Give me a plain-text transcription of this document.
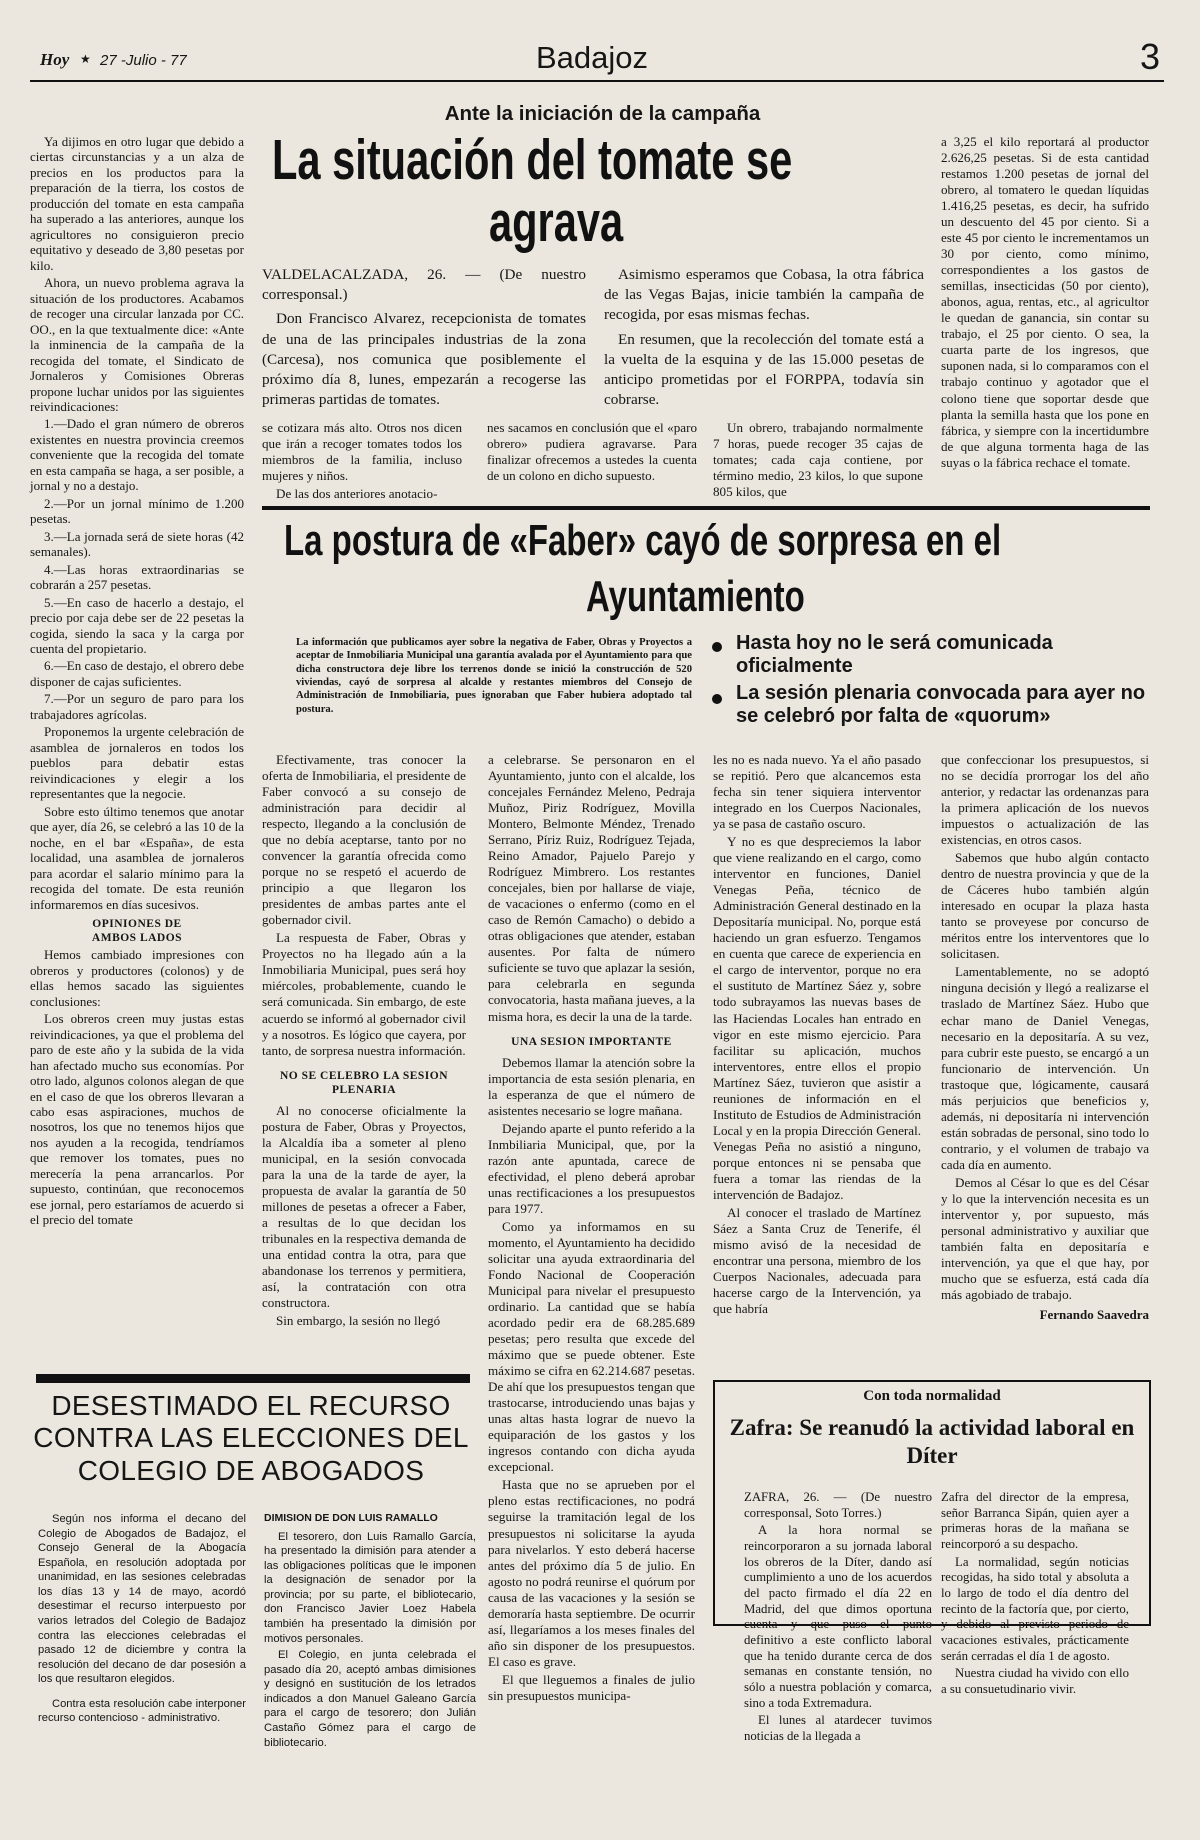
Hoy ★ 27 -Julio - 77	Badajoz	3
Ante la iniciación de la campaña
La situación del tomate se
agrava

Ya dijimos en otro lugar que debido a ciertas circunstancias y a un alza de precios en los productos para la preparación de la tierra, los costos de producción del tomate en esta campaña ha superado a las anteriores, aunque los agricultores no consiguieron precio equitativo y deseado de 3,80 pesetas por kilo.

Ahora, un nuevo problema agrava la situación de los productores. Acabamos de recoger una circular lanzada por CC. OO., en la que textualmente dice: «Ante la inminencia de la campaña de la recogida del tomate, el Sindicato de Jornaleros y Comisiones Obreras propone luchar unidos por las siguientes reivindicaciones:

1.—Dado el gran número de obreros existentes en nuestra provincia creemos conveniente que la recogida del tomate en esta campaña se haga, a ser posible, a jornal y no a destajo.

2.—Por un jornal mínimo de 1.200 pesetas.

3.—La jornada será de siete horas (42 semanales).

4.—Las horas extraordinarias se cobrarán a 257 pesetas.

5.—En caso de hacerlo a destajo, el precio por caja debe ser de 22 pesetas la cogida, siendo la saca y la carga por cuenta del propietario.

6.—En caso de destajo, el obrero debe disponer de cajas suficientes.

7.—Por un seguro de paro para los trabajadores agrícolas.

Proponemos la urgente celebración de asamblea de jornaleros en todos los pueblos para debatir estas reivindicaciones y elegir a los representantes que la negocie.

Sobre esto último tenemos que anotar que ayer, día 26, se celebró a las 10 de la noche, en el bar «España», de esta localidad, una asamblea de jornaleros para acordar el salario mínimo para la recogida del tomate. De esta reunión informaremos en días sucesivos.

OPINIONES DE
AMBOS LADOS

Hemos cambiado impresiones con obreros y productores (colonos) y de ellas hemos sacado las siguientes conclusiones:

Los obreros creen muy justas estas reivindicaciones, ya que el problema del paro de este año y la subida de la vida han afectado mucho sus economías. Por otro lado, algunos colonos alegan de que en el caso de que los obreros llevaran a cabo esas aspiraciones, muchos de nosotros, los que no tenemos hijos que nos ayuden a la recogida, tendríamos que remover los tomates, pues no merecería la pena arrancarlos. Por supuesto, continúan, que reconocemos ese jornal, pero estaríamos de acuerdo si el precio del tomate

VALDELACALZADA, 26. — (De nuestro corresponsal.)

Don Francisco Alvarez, recepcionista de tomates de una de las principales industrias de la zona (Carcesa), nos comunica que posiblemente el próximo día 8, lunes, empezarán a recogerse las primeras partidas de tomates.

Asimismo esperamos que Cobasa, la otra fábrica de las Vegas Bajas, inicie también la campaña de recogida, por esas mismas fechas.

En resumen, que la recolección del tomate está a la vuelta de la esquina y de las 15.000 pesetas de anticipo prometidas por el FORPPA, todavía sin cobrarse.

se cotizara más alto. Otros nos dicen que irán a recoger tomates todos los miembros de la familia, incluso mujeres y niños.

De las dos anteriores anotacio-

nes sacamos en conclusión que el «paro obrero» pudiera agravarse. Para finalizar ofrecemos a ustedes la cuenta de un colono en dicho supuesto.

Un obrero, trabajando normalmente 7 horas, puede recoger 35 cajas de tomates; cada caja contiene, por término medio, 23 kilos, lo que supone 805 kilos, que

a 3,25 el kilo reportará al productor 2.626,25 pesetas. Si de esta cantidad restamos 1.200 pesetas de jornal del obrero, al tomatero le quedan líquidas 1.416,25 pesetas, es decir, ha sufrido un descuento del 45 por ciento. Si a este 45 por ciento le incrementamos un 30 por ciento, como mínimo, correspondientes a los gastos de semillas, insecticidas (50 por ciento), abonos, agua, rentas, etc., al agricultor le quedan de ganancia, sin contar su trabajo, el 25 por ciento. O sea, la cuarta parte de los ingresos, que suponen nada, si lo comparamos con el trabajo continuo y agotador que el colono tiene que soportar desde que planta la semilla hasta que los pone en fábrica, y siempre con la incertidumbre de que alguna tormenta haga de las suyas o la fábrica rechace el tomate.

La postura de «Faber» cayó de sorpresa en el
Ayuntamiento
La información que publicamos ayer sobre la negativa de Faber, Obras y Proyectos a aceptar de Inmobiliaria Municipal una garantía avalada por el Ayuntamiento para que dicha constructora deje libre los terrenos donde se inició la construcción de 520 viviendas, cayó de sorpresa al alcalde y restantes miembros del Consejo de Administración de Inmobiliaria, pues ignoraban que Faber hubiera adoptado tal postura.
Hasta hoy no le será comunicada oficialmente
La sesión plenaria convocada para ayer no se celebró por falta de «quorum»

Efectivamente, tras conocer la oferta de Inmobiliaria, el presidente de Faber convocó a su consejo de administración para decidir al respecto, llegando a la conclusión de que no debía aceptarse, tanto por no convencer la garantía ofrecida como porque no se respetó el acuerdo de principio a que llegaron los presidentes de ambas partes ante el gobernador civil.

La respuesta de Faber, Obras y Proyectos no ha llegado aún a la Inmobiliaria Municipal, pues será hoy miércoles, probablemente, cuando le será comunicada. Sin embargo, de este acuerdo se informó al gobernador civil y a nosotros. Es lógico que cayera, por tanto, de sorpresa nuestra información.

NO SE CELEBRO LA SESION
PLENARIA

Al no conocerse oficialmente la postura de Faber, Obras y Proyectos, la Alcaldía iba a someter al pleno municipal, en la sesión convocada para la una de la tarde de ayer, la propuesta de avalar la garantía de 50 millones de pesetas a ofrecer a Faber, a resultas de lo que decidan los tribunales en la respectiva demanda de una entidad contra la otra, para que abandonase los terrenos y permitiera, así, la contratación con otra constructora.

Sin embargo, la sesión no llegó

a celebrarse. Se personaron en el Ayuntamiento, junto con el alcalde, los concejales Fernández Meleno, Pedraja Muñoz, Piriz Rodríguez, Movilla Montero, Belmonte Méndez, Trenado Serrano, Píriz Ruiz, Rodríguez Tejada, Reino Amador, Pajuelo Parejo y Rodríguez Mimbrero. Los restantes concejales, bien por hallarse de viaje, de vacaciones o enfermo (como en el caso de Remón Camacho) o debido a otras obligaciones que atender, estaban ausentes. Por falta de número suficiente se tuvo que aplazar la sesión, para celebrarla en segunda convocatoria, hasta mañana jueves, a la misma hora, es decir la una de la tarde.

UNA SESION IMPORTANTE

Debemos llamar la atención sobre la importancia de esta sesión plenaria, en la esperanza de que el número de asistentes necesario se logre mañana.

Dejando aparte el punto referido a la Inmbiliaria Municipal, que, por la razón ante apuntada, carece de efectividad, el pleno deberá aprobar unas rectificaciones a los presupuestos para 1977.

Como ya informamos en su momento, el Ayuntamiento ha decidido solicitar una ayuda extraordinaria del Fondo Nacional de Cooperación Municipal para nivelar el presupuesto ordinario. La cantidad que se había acordado pedir era de 68.285.689 pesetas; pero resulta que excede del máximo que se puede obtener. Este máximo se cifra en 62.214.687 pesetas. De ahí que los presupuestos tengan que trastocarse, introduciendo unas bajas y unas altas hasta lograr de nuevo la equiparación de los gastos y los ingresos contando con dicha ayuda excepcional.

Hasta que no se aprueben por el pleno estas rectificaciones, no podrá seguirse la tramitación legal de los presupuestos ni solicitarse la ayuda para nivelarlos. Y esto deberá hacerse antes del próximo día 5 de julio. En agosto no podrá reunirse el quórum por causa de las vacaciones y la sesión se demoraría hasta septiembre. De ocurrir así, llegaríamos a los meses finales del año sin disponer de los presupuestos. El caso es grave.

El que lleguemos a finales de julio sin presupuestos municipa-

les no es nada nuevo. Ya el año pasado se repitió. Pero que alcancemos esta fecha sin tener siquiera interventor integrado en los Cuerpos Nacionales, ya se pasa de castaño oscuro.

Y no es que despreciemos la labor que viene realizando en el cargo, como interventor en funciones, Daniel Venegas Peña, técnico de Administración General destinado en la Depositaría municipal. No, porque está haciendo un gran esfuerzo. Tengamos en cuenta que carece de experiencia en el cargo de interventor, porque no era el sustituto de Martínez Sáez y, sobre todo subrayamos las nuevas bases de las Haciendas Locales han entrado en vigor en este mismo ejercicio. Para facilitar su aplicación, muchos interventores, entre ellos el propio Martínez Sáez, tuvieron que asistir a reuniones de información en el Instituto de Estudios de Administración Local y en la propia Dirección General. Venegas Peña no asistió a ninguno, porque entonces ni se pensaba que fuera a tomar las riendas de la intervención de Badajoz.

Al conocer el traslado de Martínez Sáez a Santa Cruz de Tenerife, él mismo avisó de la necesidad de encontrar una persona, miembro de los Cuerpos Nacionales, adecuada para hacerse cargo de la Intervención, ya que habría

que confeccionar los presupuestos, si no se decidía prorrogar los del año anterior, y redactar las ordenanzas para la primera aplicación de los nuevos impuestos o actualización de las existencias, en otros casos.

Sabemos que hubo algún contacto dentro de nuestra provincia y que de la de Cáceres hubo también algún interesado en ocupar la plaza hasta tanto se proveyese por concurso de méritos entre los interventores que lo solicitasen.

Lamentablemente, no se adoptó ninguna decisión y llegó a realizarse el traslado de Martínez Sáez. Hubo que echar mano de Daniel Venegas, necesario en la depositaría. A su vez, para cubrir este puesto, se encargó a un funcionario de intervención. Un trastoque que, lógicamente, causará más perjuicios que beneficios y, además, ni depositaría ni intervención están sobradas de personal, sino todo lo contrario, y el volumen de trabajo va cada día en aumento.

Demos al César lo que es del César y lo que la intervención necesita es un interventor y, por supuesto, más personal administrativo y auxiliar que también falta en depositaría e intervención, ya que el que hay, por mucho que se esfuerza, está cada día más agobiado de trabajo.

Fernando Saavedra
DESESTIMADO EL RECURSO
CONTRA LAS ELECCIONES DEL
COLEGIO DE ABOGADOS

Según nos informa el decano del Colegio de Abogados de Badajoz, el Consejo General de la Abogacía Española, en resolución adoptada por unanimidad, en las sesiones celebradas los días 13 y 14 de mayo, acordó desestimar el recurso interpuesto por varios letrados del Colegio de Badajoz contra las elecciones celebradas el pasado 12 de diciembre y contra la resolución del decano de dar posesión a los que resultaron elegidos.

Contra esta resolución cabe interponer recurso contencioso - administrativo.

DIMISION DE DON LUIS RAMALLO

El tesorero, don Luis Ramallo García, ha presentado la dimisión para atender a las obligaciones políticas que le imponen la designación de senador por la provincia; por su parte, el bibliotecario, don Francisco Javier Loez Habela también ha presentado la dimisión por motivos personales.

El Colegio, en junta celebrada el pasado día 20, aceptó ambas dimisiones y designó en sustitución de los letrados indicados a don Manuel Galeano García para el cargo de tesorero; don Julián Castaño Gómez para el cargo de bibliotecario.

Con toda normalidad
Zafra: Se reanudó la actividad laboral en
Díter

ZAFRA, 26. — (De nuestro corresponsal, Soto Torres.)

A la hora normal se reincorporaron a su jornada laboral los obreros de la Díter, dando así cumplimiento a uno de los acuerdos del pacto firmado el día 22 en Madrid, del que dimos oportuna cuenta y que puso el punto definitivo a este conflicto laboral que ha tenido durante cerca de dos semanas en constante tensión, no sólo a nuestra población y comarca, sino a toda Extremadura.

El lunes al atardecer tuvimos noticias de la llegada a

Zafra del director de la empresa, señor Barranca Sipán, quien ayer a primeras horas de la mañana se reincorporó a su despacho.

La normalidad, según noticias recogidas, ha sido total y absoluta a lo largo de todo el día dentro del recinto de la factoría que, por cierto, y debido al previsto periodo de vacaciones estivales, prácticamente serán cerradas el día 1 de agosto.

Nuestra ciudad ha vivido con ello a su consuetudinario vivir.
